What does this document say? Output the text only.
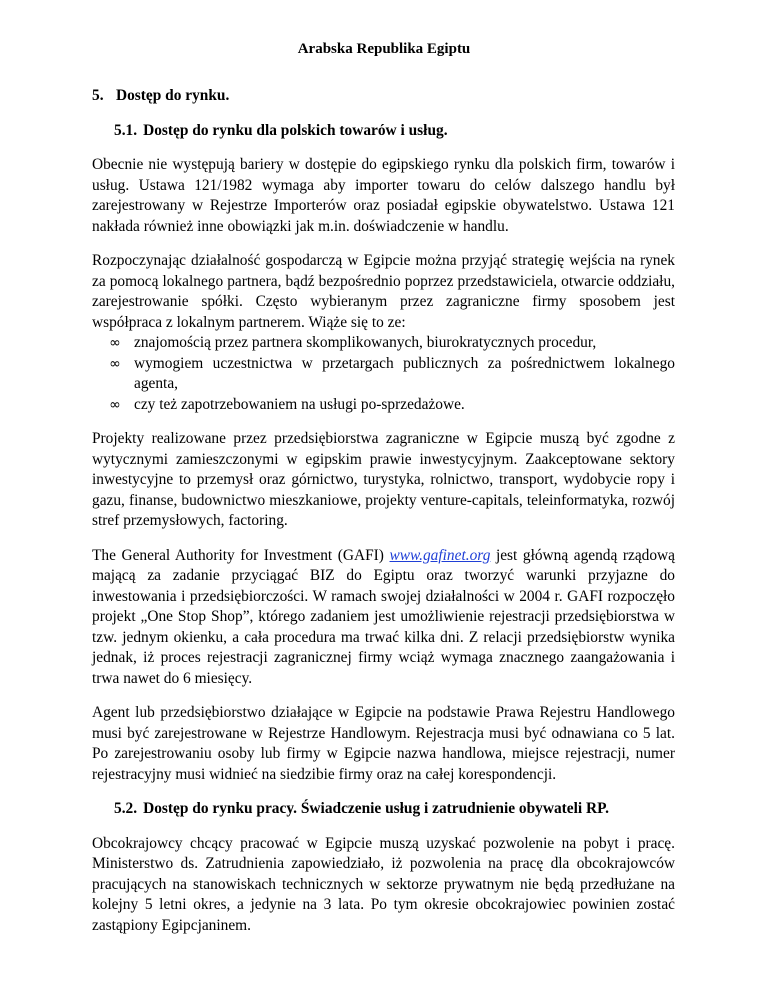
Arabska Republika Egiptu
5. Dostęp do rynku.
5.1. Dostęp do rynku dla polskich towarów i usług.

Obecnie nie występują bariery w dostępie do egipskiego rynku dla polskich firm, towarów i usług. Ustawa 121/1982 wymaga aby importer towaru do celów dalszego handlu był zarejestrowany w Rejestrze Importerów oraz posiadał egipskie obywatelstwo. Ustawa 121 nakłada również inne obowiązki jak m.in. doświadczenie w handlu.

Rozpoczynając działalność gospodarczą w Egipcie można przyjąć strategię wejścia na rynek za pomocą lokalnego partnera, bądź bezpośrednio poprzez przedstawiciela, otwarcie oddziału, zarejestrowanie spółki. Często wybieranym przez zagraniczne firmy sposobem jest współpraca z lokalnym partnerem. Wiąże się to ze:

∞ znajomością przez partnera skomplikowanych, biurokratycznych procedur,
∞ wymogiem uczestnictwa w przetargach publicznych za pośrednictwem lokalnego agenta,
∞ czy też zapotrzebowaniem na usługi po-sprzedażowe.

Projekty realizowane przez przedsiębiorstwa zagraniczne w Egipcie muszą być zgodne z wytycznymi zamieszczonymi w egipskim prawie inwestycyjnym. Zaakceptowane sektory inwestycyjne to przemysł oraz górnictwo, turystyka, rolnictwo, transport, wydobycie ropy i gazu, finanse, budownictwo mieszkaniowe, projekty venture-capitals, teleinformatyka, rozwój stref przemysłowych, factoring.

The General Authority for Investment (GAFI) www.gafinet.org jest główną agendą rządową mającą za zadanie przyciągać BIZ do Egiptu oraz tworzyć warunki przyjazne do inwestowania i przedsiębiorczości. W ramach swojej działalności w 2004 r. GAFI rozpoczęło projekt „One Stop Shop”, którego zadaniem jest umożliwienie rejestracji przedsiębiorstwa w tzw. jednym okienku, a cała procedura ma trwać kilka dni. Z relacji przedsiębiorstw wynika jednak, iż proces rejestracji zagranicznej firmy wciąż wymaga znacznego zaangażowania i trwa nawet do 6 miesięcy.

Agent lub przedsiębiorstwo działające w Egipcie na podstawie Prawa Rejestru Handlowego musi być zarejestrowane w Rejestrze Handlowym. Rejestracja musi być odnawiana co 5 lat. Po zarejestrowaniu osoby lub firmy w Egipcie nazwa handlowa, miejsce rejestracji, numer rejestracyjny musi widnieć na siedzibie firmy oraz na całej korespondencji.

5.2. Dostęp do rynku pracy. Świadczenie usług i zatrudnienie obywateli RP.

Obcokrajowcy chcący pracować w Egipcie muszą uzyskać pozwolenie na pobyt i pracę. Ministerstwo ds. Zatrudnienia zapowiedziało, iż pozwolenia na pracę dla obcokrajowców pracujących na stanowiskach technicznych w sektorze prywatnym nie będą przedłużane na kolejny 5 letni okres, a jedynie na 3 lata. Po tym okresie obcokrajowiec powinien zostać zastąpiony Egipcjaninem.
